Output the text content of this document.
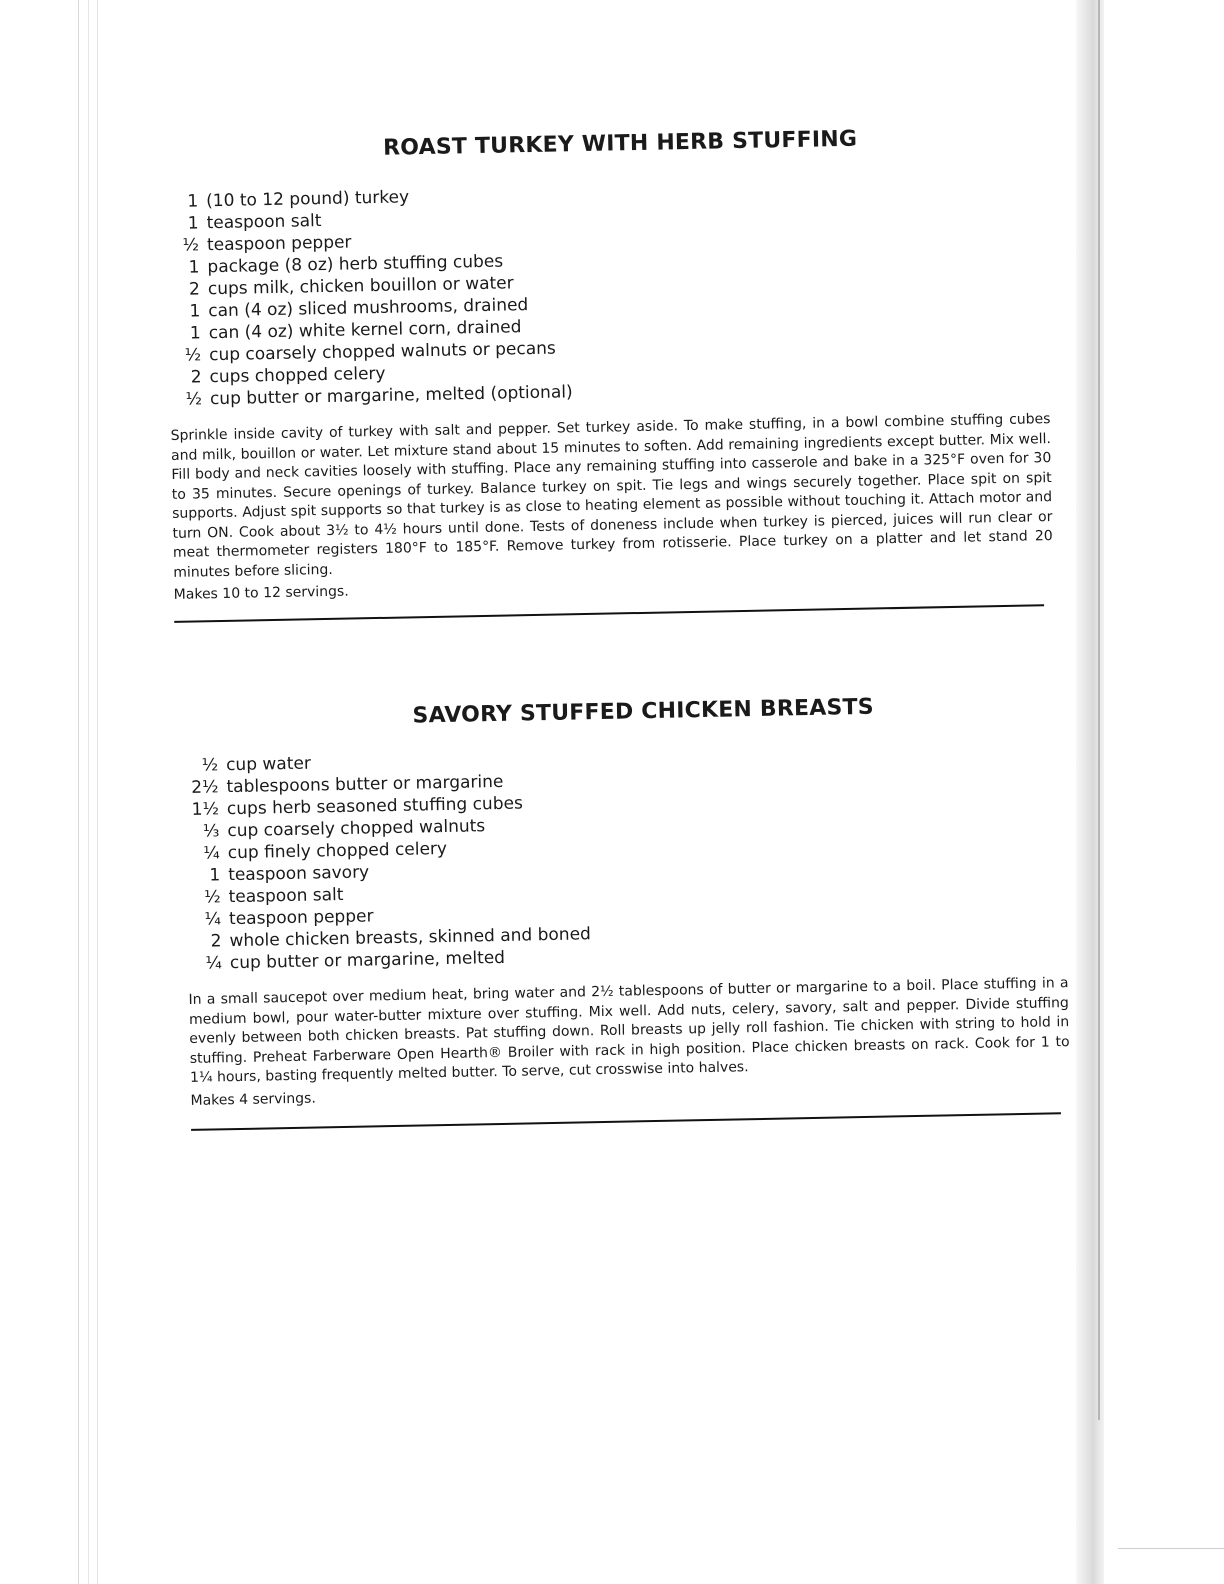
ROAST TURKEY WITH HERB STUFFING
1 (10 to 12 pound) turkey
1 teaspoon salt
½ teaspoon pepper
1 package (8 oz) herb stuffing cubes
2 cups milk, chicken bouillon or water
1 can (4 oz) sliced mushrooms, drained
1 can (4 oz) white kernel corn, drained
½ cup coarsely chopped walnuts or pecans
2 cups chopped celery
½ cup butter or margarine, melted (optional)

Sprinkle inside cavity of turkey with salt and pepper. Set turkey aside. To make stuffing, in a bowl combine stuffing cubes and milk, bouillon or water. Let mixture stand about 15 minutes to soften. Add remaining ingredients except butter. Mix well. Fill body and neck cavities loosely with stuffing. Place any remaining stuffing into casserole and bake in a 325°F oven for 30 to 35 minutes. Secure openings of turkey. Balance turkey on spit. Tie legs and wings securely together. Place spit on spit supports. Adjust spit supports so that turkey is as close to heating element as possible without touching it. Attach motor and turn ON. Cook about 3½ to 4½ hours until done. Tests of doneness include when turkey is pierced, juices will run clear or meat thermometer registers 180°F to 185°F. Remove turkey from rotisserie. Place turkey on a platter and let stand 20 minutes before slicing.

Makes 10 to 12 servings.

SAVORY STUFFED CHICKEN BREASTS
½ cup water
2½ tablespoons butter or margarine
1½ cups herb seasoned stuffing cubes
⅓ cup coarsely chopped walnuts
¼ cup finely chopped celery
1 teaspoon savory
½ teaspoon salt
¼ teaspoon pepper
2 whole chicken breasts, skinned and boned
¼ cup butter or margarine, melted

In a small saucepot over medium heat, bring water and 2½ tablespoons of butter or margarine to a boil. Place stuffing in a medium bowl, pour water-butter mixture over stuffing. Mix well. Add nuts, celery, savory, salt and pepper. Divide stuffing evenly between both chicken breasts. Pat stuffing down. Roll breasts up jelly roll fashion. Tie chicken with string to hold in stuffing. Preheat Farberware Open Hearth® Broiler with rack in high position. Place chicken breasts on rack. Cook for 1 to 1¼ hours, basting frequently melted butter. To serve, cut crosswise into halves.

Makes 4 servings.
